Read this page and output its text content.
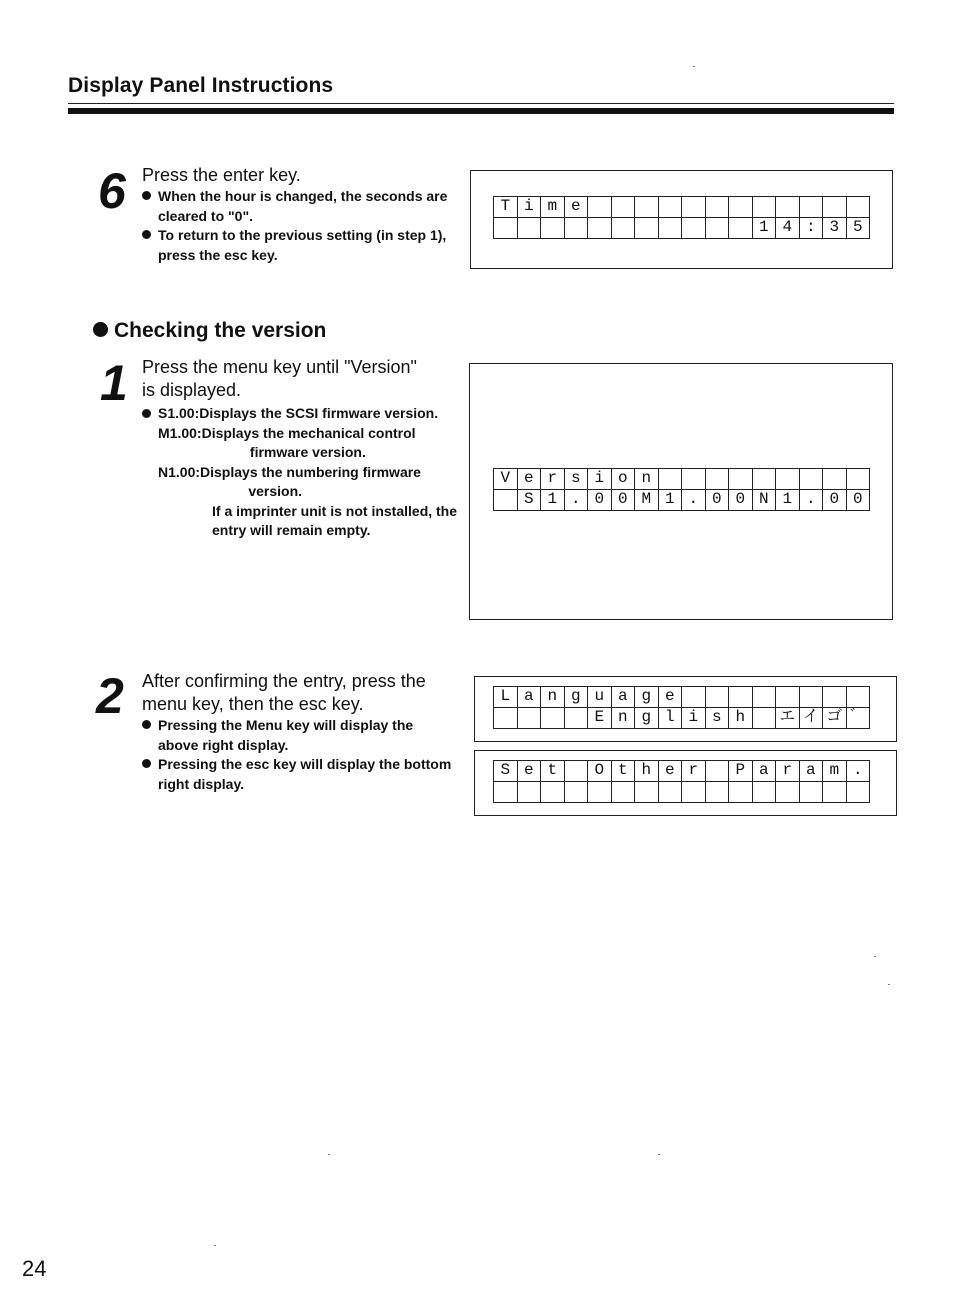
Display Panel Instructions
6 Press the enter key.
When the hour is changed, the seconds are cleared to "0".
To return to the previous setting (in step 1), press the esc key.
T i m e
1 4 : 3 5
Checking the version
1 Press the menu key until "Version"
is displayed.
S1.00 :Displays the SCSI firmware version.
M1.00 :Displays the mechanical control firmware version.
N1.00 :Displays the numbering firmware version.
If a imprinter unit is not installed, the entry will remain empty.
V e r s i o n
S 1 . 0 0 M 1 . 0 0 N 1 . 0 0
2 After confirming the entry, press the menu key, then the esc key.
Pressing the Menu key will display the above right display.
Pressing the esc key will display the bottom right display.
L a n g u a g e
E n g l i s h	エ イ ゴ ゛
S e t	O t h e r	P a r a m .
24
